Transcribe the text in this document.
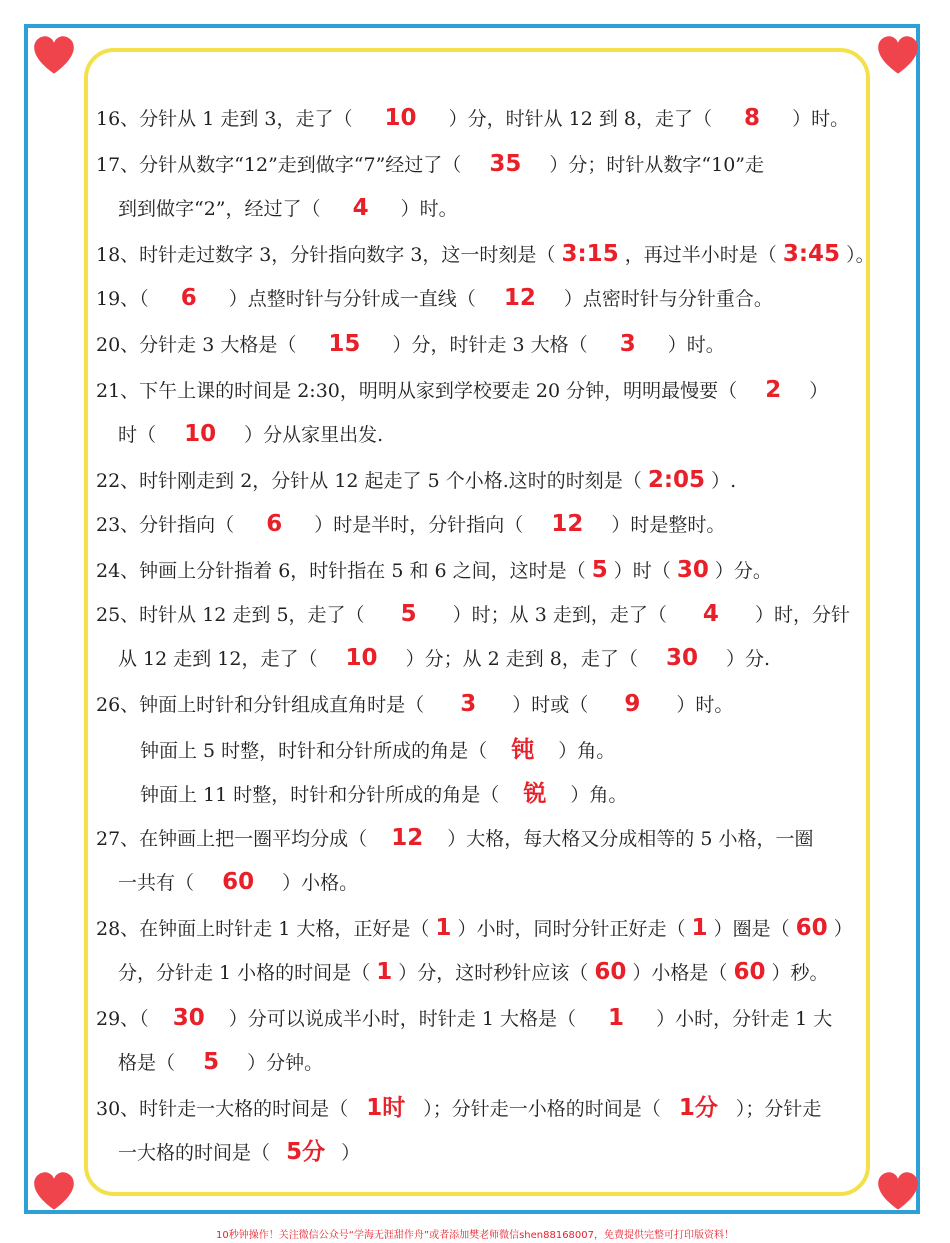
16、分针从 1 走到 3，走了（ 10 ）分，时针从 12 到 8，走了（ 8 ）时。
17、分针从数字“12”走到做字“7”经过了（ 35 ）分；时针从数字“10”走
到到做字“2”，经过了（ 4 ）时。
18、时针走过数字 3，分针指向数字 3，这一时刻是（ 3:15 ，再过半小时是（ 3:45 ）。
19、（ 6 ）点整时针与分针成一直线（ 12 ）点密时针与分针重合。
20、分针走 3 大格是（ 15 ）分，时针走 3 大格（ 3 ）时。
21、下午上课的时间是 2:30，明明从家到学校要走 20 分钟，明明最慢要（ 2 ）
时（ 10 ）分从家里出发.
22、时针刚走到 2，分针从 12 起走了 5 个小格.这时的时刻是（ 2:05 ）.
23、分针指向（ 6 ）时是半时，分针指向（ 12 ）时是整时。
24、钟画上分针指着 6，时针指在 5 和 6 之间，这时是（ 5 ）时（ 30 ）分。
25、时针从 12 走到 5，走了（ 5 ）时；从 3 走到，走了（ 4 ）时，分针
从 12 走到 12，走了（ 10 ）分；从 2 走到 8，走了（ 30 ）分.
26、钟面上时针和分针组成直角时是（ 3 ）时或（ 9 ）时。
钟面上 5 时整，时针和分针所成的角是（ 钝 ）角。
钟面上 11 时整，时针和分针所成的角是（ 锐 ）角。
27、在钟画上把一圈平均分成（ 12 ）大格，每大格又分成相等的 5 小格，一圈
一共有（ 60 ）小格。
28、在钟面上时针走 1 大格，正好是（ 1 ）小时，同时分针正好走（ 1 ）圈是（ 60 ）
分，分针走 1 小格的时间是（ 1 ）分，这时秒针应该（ 60 ）小格是（ 60 ）秒。
29、（ 30 ）分可以说成半小时，时针走 1 大格是（ 1 ）小时，分针走 1 大
格是（ 5 ）分钟。
30、时针走一大格的时间是（ 1时 ）；分针走一小格的时间是（ 1分 ）；分针走
一大格的时间是（ 5分 ）
10秒钟操作！关注微信公众号“学海无涯甜作舟”或者添加樊老师微信shen88168007，免费提供完整可打印版资料！
